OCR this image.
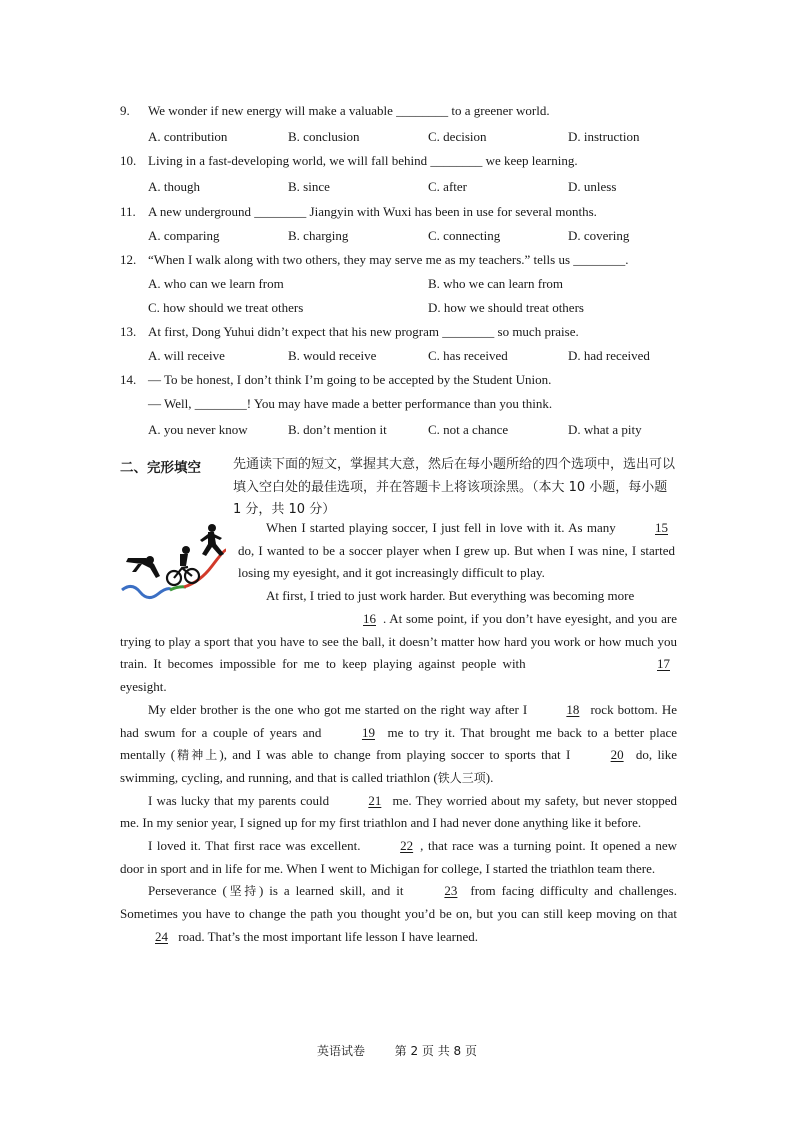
9. We wonder if new energy will make a valuable ________ to a greener world.
A. contribution	B. conclusion	C. decision	D. instruction
10. Living in a fast-developing world, we will fall behind ________ we keep learning.
A. though	B. since	C. after	D. unless
11. A new underground ________ Jiangyin with Wuxi has been in use for several months.
A. comparing	B. charging	C. connecting	D. covering
12. “When I walk along with two others, they may serve me as my teachers.” tells us ________.
A. who can we learn from	B. who we can learn from
C. how should we treat others	D. how we should treat others
13. At first, Dong Yuhui didn’t expect that his new program ________ so much praise.
A. will receive	B. would receive	C. has received	D. had received
14. — To be honest, I don’t think I’m going to be accepted by the Student Union.
— Well, ________! You may have made a better performance than you think.
A. you never know	B. don’t mention it	C. not a chance	D. what a pity
二、完形填空 先通读下面的短文，掌握其大意，然后在每小题所给的四个选项中，选出可以填入空白处的最佳选项，并在答题卡上将该项涂黑。（本大 10 小题，每小题 1 分，共 10 分）

When I started playing soccer, I just fell in love with it. As many	15 do, I wanted to be a soccer player when I grew up. But when I was nine, I started losing my eyesight, and it got increasingly difficult to play.

At first, I tried to just work harder. But everything was becoming more

16 . At some point, if you don’t have eyesight, and you are trying to play a sport that you have to see the ball, it doesn’t matter how hard you work or how much you train. It becomes impossible for me to keep playing against people with	17 eyesight.

My elder brother is the one who got me started on the right way after I	18 rock bottom. He had swum for a couple of years and	19 me to try it. That brought me back to a better place mentally (精神上), and I was able to change from playing soccer to sports that I	20 do, like swimming, cycling, and running, and that is called triathlon (铁人三项).

I was lucky that my parents could	21 me. They worried about my safety, but never stopped me. In my senior year, I signed up for my first triathlon and I had never done anything like it before.

I loved it. That first race was excellent.	22 , that race was a turning point. It opened a new door in sport and in life for me. When I went to Michigan for college, I started the triathlon team there.

Perseverance (坚持) is a learned skill, and it	23 from facing difficulty and challenges. Sometimes you have to change the path you thought you’d be on, but you can still keep moving on that 24 road. That’s the most important life lesson I have learned.

英语试卷 第 2 页 共 8 页
